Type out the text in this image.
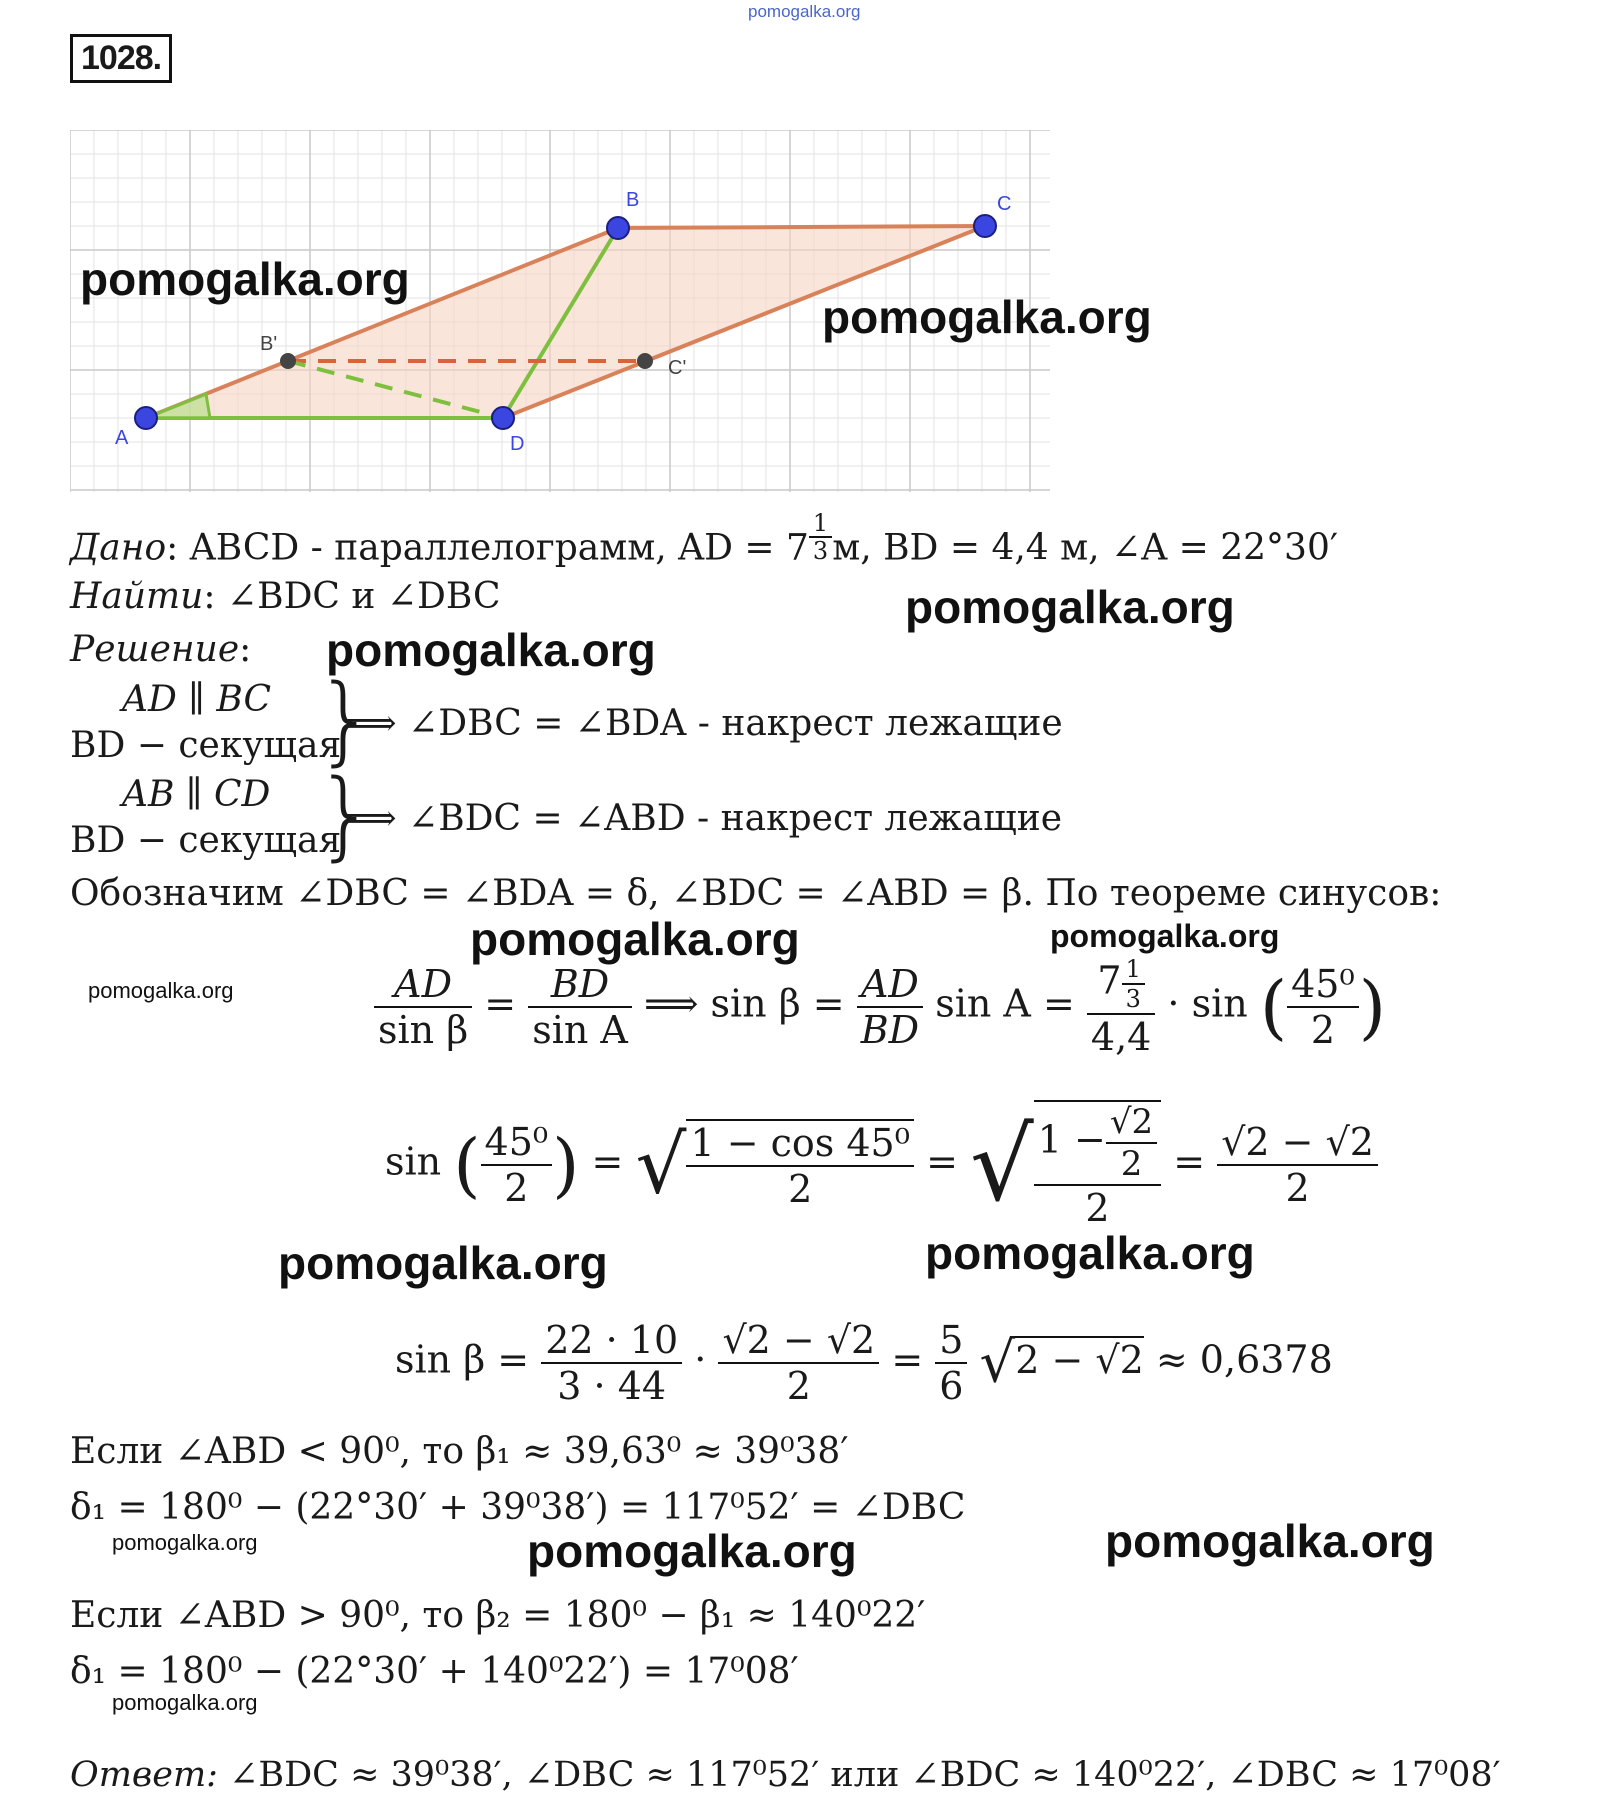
pomogalka.org
1028.
A
B	C
D
B'
C'
pomogalka.org
pomogalka.org
pomogalka.org
pomogalka.org
pomogalka.org	pomogalka.org
pomogalka.org
pomogalka.org	pomogalka.org
pomogalka.org	pomogalka.org	pomogalka.org
pomogalka.org
Дано: ABCD - параллелограмм, AD = $7 \frac{1}{3} м$, BD = 4,4 м, ∠A = 22°30′
Найти: ∠BDC и ∠DBC
Решение:
AD ∥ BC
BD − секущая
}
⟹ ∠DBC = ∠BDA - накрест лежащие
AB ∥ CD
BD − секущая
}
⟹ ∠BDC = ∠ABD - накрест лежащие
Обозначим ∠DBC = ∠BDA = δ, ∠BDC = ∠ABD = β. По теореме синусов:
$\frac{AD}{\text{sin β}} = \frac{BD}{\text{sin A}}$ ⟹ $\sin \beta = \frac{AD}{BD}$ $\sin A = \frac{7 \frac{1}{3}}{4,4} \cdot \sin$ ( $\frac{\text{45⁰}}{2}$ )
sin ( $\frac{\text{45⁰}}{2}$ ) = √ $\frac{\text{1 − cos 45⁰}}{2}$ = √ $\frac{1 - \frac{√2}{2}}{2} = \frac{√2 - √2}{2}$
$\sin \beta = \frac{22 \cdot 10}{3 \cdot 44} \cdot \frac{√2 - √2}{2} = \frac{5}{6} √2 - √2 \approx 0,6378$
Если ∠ABD < 90⁰, то β₁ ≈ 39,63⁰ ≈ 39⁰38′
δ₁ = 180⁰ − (22°30′ + 39⁰38′) = 117⁰52′ = ∠DBC
Если ∠ABD > 90⁰, то β₂ = 180⁰ − β₁ ≈ 140⁰22′
δ₁ = 180⁰ − (22°30′ + 140⁰22′) = 17⁰08′
Ответ: ∠BDC ≈ 39⁰38′, ∠DBC ≈ 117⁰52′ или ∠BDC ≈ 140⁰22′, ∠DBC ≈ 17⁰08′
